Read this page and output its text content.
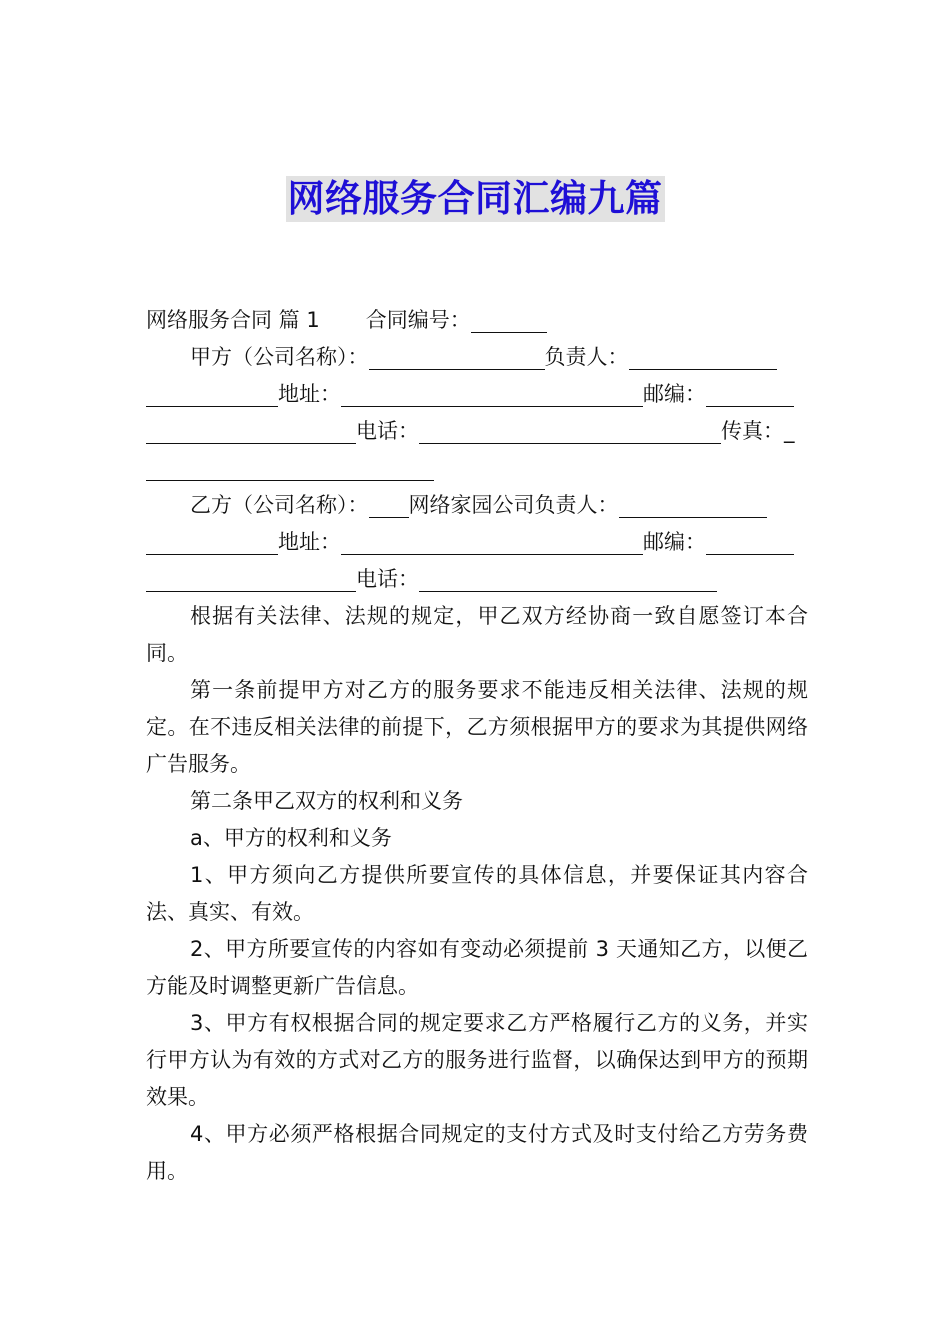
网络服务合同汇编九篇
网络服务合同 篇 1 合同编号：
甲方（公司名称）：	负责人：
地址：	邮编：
电话：	传真：_
乙方（公司名称）： 网络家园公司负责人：
地址：	邮编：
电话：
根据有关法律、法规的规定，甲乙双方经协商一致自愿签订本合同。
第一条前提甲方对乙方的服务要求不能违反相关法律、法规的规定。在不违反相关法律的前提下，乙方须根据甲方的要求为其提供网络广告服务。
第二条甲乙双方的权利和义务
a、甲方的权利和义务
1、甲方须向乙方提供所要宣传的具体信息，并要保证其内容合法、真实、有效。
2、甲方所要宣传的内容如有变动必须提前 3 天通知乙方，以便乙方能及时调整更新广告信息。
3、甲方有权根据合同的规定要求乙方严格履行乙方的义务，并实行甲方认为有效的方式对乙方的服务进行监督，以确保达到甲方的预期效果。
4、甲方必须严格根据合同规定的支付方式及时支付给乙方劳务费用。
